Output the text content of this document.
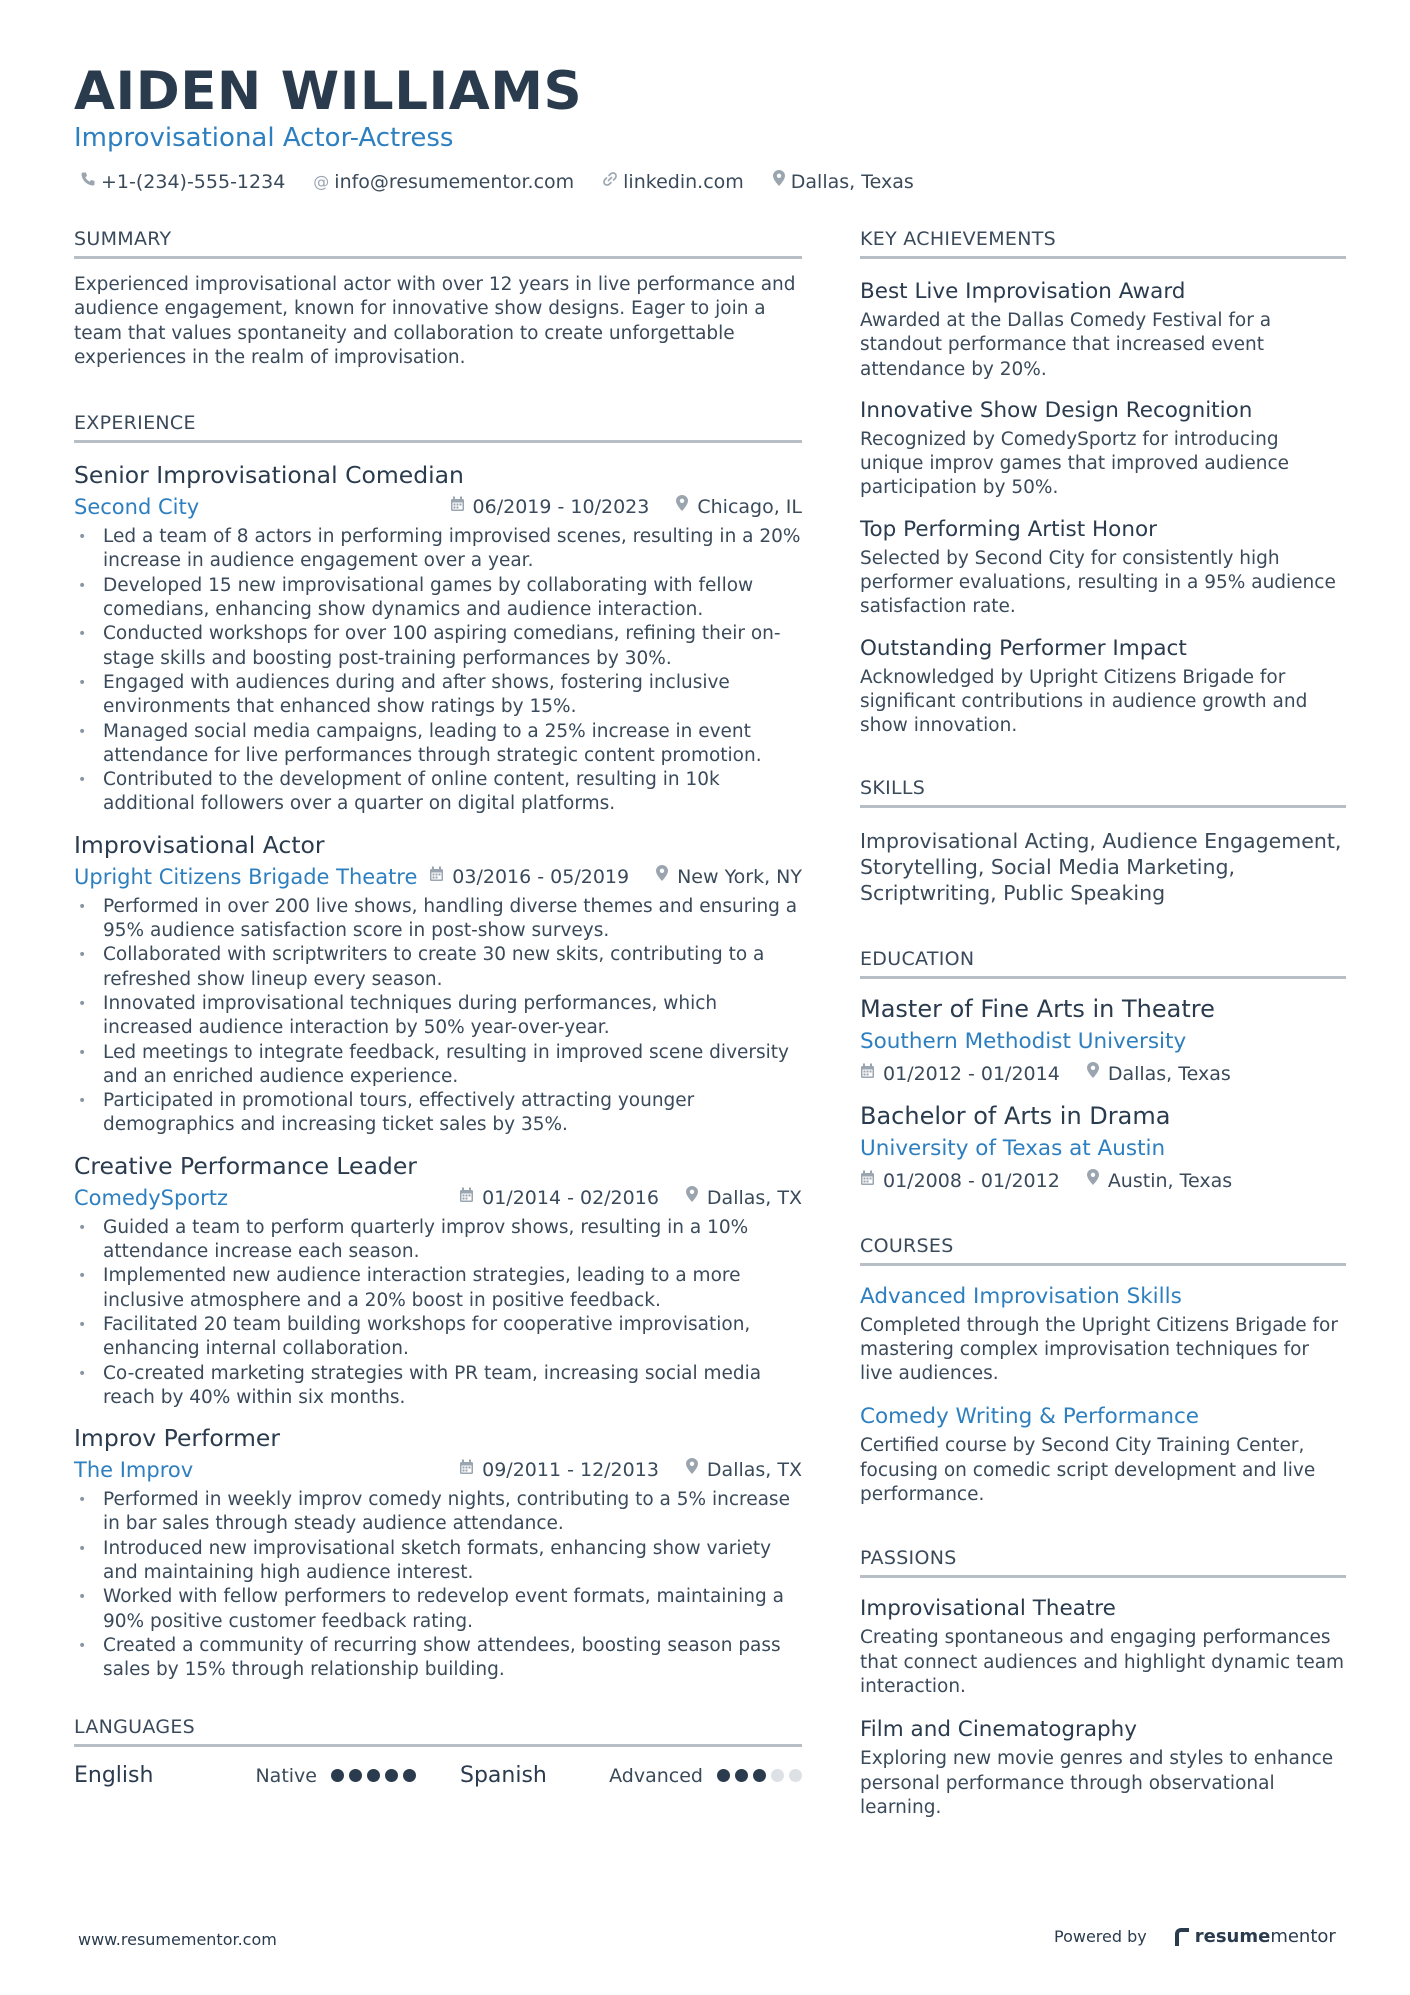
AIDEN WILLIAMS
Improvisational Actor-Actress
+1-(234)-555-1234 @ info@resumementor.com	linkedin.com Dallas, Texas
SUMMARY
Experienced improvisational actor with over 12 years in live performance and audience engagement, known for innovative show designs. Eager to join a team that values spontaneity and collaboration to create unforgettable experiences in the realm of improvisation.
EXPERIENCE
Senior Improvisational Comedian
Second City	06/2019 - 10/2023	Chicago, IL
• Led a team of 8 actors in performing improvised scenes, resulting in a 20% increase in audience engagement over a year.
• Developed 15 new improvisational games by collaborating with fellow comedians, enhancing show dynamics and audience interaction.
• Conducted workshops for over 100 aspiring comedians, refining their on-stage skills and boosting post-training performances by 30%.
• Engaged with audiences during and after shows, fostering inclusive environments that enhanced show ratings by 15%.
• Managed social media campaigns, leading to a 25% increase in event attendance for live performances through strategic content promotion.
• Contributed to the development of online content, resulting in 10k additional followers over a quarter on digital platforms.
Improvisational Actor
Upright Citizens Brigade Theatre 03/2016 - 05/2019	New York, NY
• Performed in over 200 live shows, handling diverse themes and ensuring a 95% audience satisfaction score in post-show surveys.
• Collaborated with scriptwriters to create 30 new skits, contributing to a refreshed show lineup every season.
• Innovated improvisational techniques during performances, which increased audience interaction by 50% year-over-year.
• Led meetings to integrate feedback, resulting in improved scene diversity and an enriched audience experience.
• Participated in promotional tours, effectively attracting younger demographics and increasing ticket sales by 35%.
Creative Performance Leader
ComedySportz	01/2014 - 02/2016	Dallas, TX
• Guided a team to perform quarterly improv shows, resulting in a 10% attendance increase each season.
• Implemented new audience interaction strategies, leading to a more inclusive atmosphere and a 20% boost in positive feedback.
• Facilitated 20 team building workshops for cooperative improvisation, enhancing internal collaboration.
• Co-created marketing strategies with PR team, increasing social media reach by 40% within six months.
Improv Performer
The Improv	09/2011 - 12/2013	Dallas, TX
• Performed in weekly improv comedy nights, contributing to a 5% increase in bar sales through steady audience attendance.
• Introduced new improvisational sketch formats, enhancing show variety and maintaining high audience interest.
• Worked with fellow performers to redevelop event formats, maintaining a 90% positive customer feedback rating.
• Created a community of recurring show attendees, boosting season pass sales by 15% through relationship building.
LANGUAGES
English	Native	Spanish	Advanced
KEY ACHIEVEMENTS
Best Live Improvisation Award
Awarded at the Dallas Comedy Festival for a standout performance that increased event attendance by 20%.
Innovative Show Design Recognition
Recognized by ComedySportz for introducing unique improv games that improved audience participation by 50%.
Top Performing Artist Honor
Selected by Second City for consistently high performer evaluations, resulting in a 95% audience satisfaction rate.
Outstanding Performer Impact
Acknowledged by Upright Citizens Brigade for significant contributions in audience growth and show innovation.
SKILLS
Improvisational Acting, Audience Engagement, Storytelling, Social Media Marketing, Scriptwriting, Public Speaking
EDUCATION
Master of Fine Arts in Theatre
Southern Methodist University
01/2012 - 01/2014	Dallas, Texas
Bachelor of Arts in Drama
University of Texas at Austin
01/2008 - 01/2012	Austin, Texas
COURSES
Advanced Improvisation Skills
Completed through the Upright Citizens Brigade for mastering complex improvisation techniques for live audiences.
Comedy Writing & Performance
Certified course by Second City Training Center, focusing on comedic script development and live performance.
PASSIONS
Improvisational Theatre
Creating spontaneous and engaging performances that connect audiences and highlight dynamic team interaction.
Film and Cinematography
Exploring new movie genres and styles to enhance personal performance through observational learning.
www.resumementor.com	Powered by	resumementor
